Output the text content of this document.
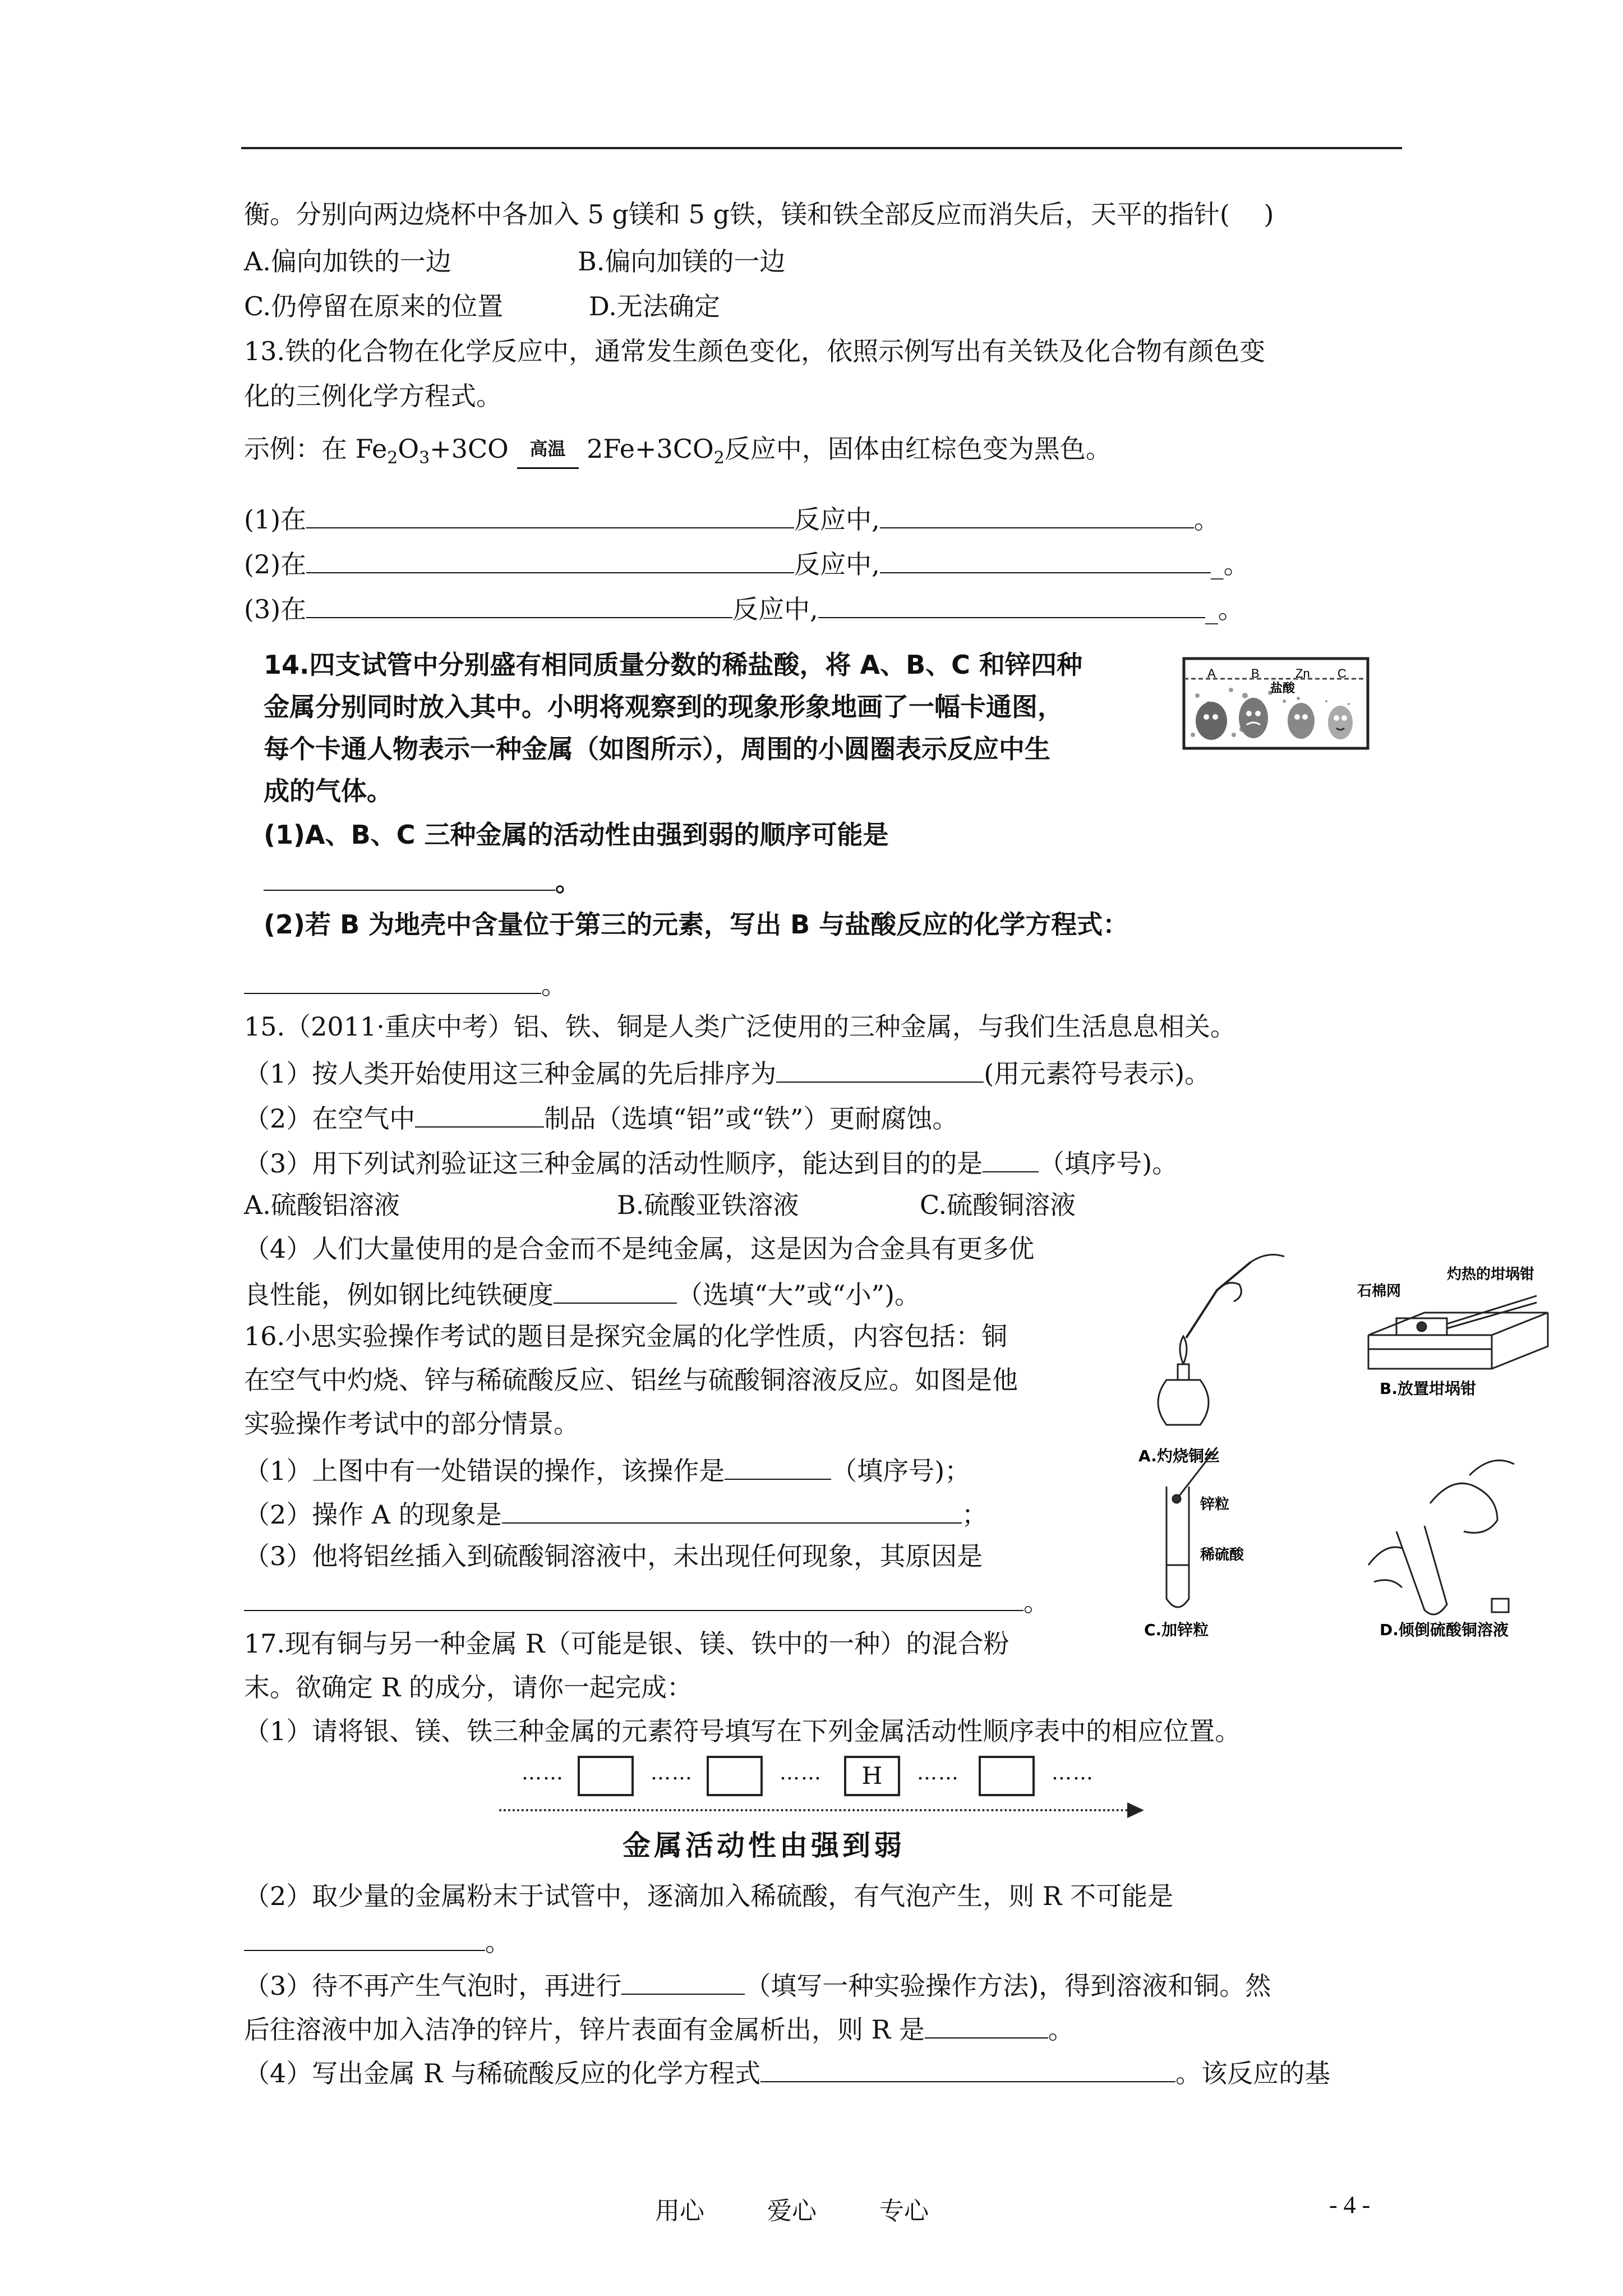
衡。分别向两边烧杯中各加入 5 g镁和 5 g铁，镁和铁全部反应而消失后，天平的指针(　 )
A.偏向加铁的一边	B.偏向加镁的一边
C.仍停留在原来的位置	D.无法确定
13.铁的化合物在化学反应中，通常发生颜色变化，依照示例写出有关铁及化合物有颜色变
化的三例化学方程式。
示例：在 $Fe_2O_3+3CO$ 高温 $2Fe+3CO_2$反应中，固体由红棕色变为黑色。
(1)在	反应中,	。
(2)在	反应中,	_。
(3)在	反应中,	_。
14.四支试管中分别盛有相同质量分数的稀盐酸，将 A、B、C 和锌四种
金属分别同时放入其中。小明将观察到的现象形象地画了一幅卡通图，
每个卡通人物表示一种金属（如图所示），周围的小圆圈表示反应中生
成的气体。
(1)A、B、C 三种金属的活动性由强到弱的顺序可能是
。
(2)若 B 为地壳中含量位于第三的元素，写出 B 与盐酸反应的化学方程式：
。
A	B
盐酸
Zn C
15.（2011·重庆中考）铝、铁、铜是人类广泛使用的三种金属，与我们生活息息相关。
（1）按人类开始使用这三种金属的先后排序为	(用元素符号表示)。
（2）在空气中	制品（选填“铝”或“铁”）更耐腐蚀。
（3）用下列试剂验证这三种金属的活动性顺序，能达到目的的是 （填序号)。
A.硫酸铝溶液	B.硫酸亚铁溶液	C.硫酸铜溶液
（4）人们大量使用的是合金而不是纯金属，这是因为合金具有更多优
良性能，例如钢比纯铁硬度	（选填“大”或“小”)。
16.小思实验操作考试的题目是探究金属的化学性质，内容包括：铜
在空气中灼烧、锌与稀硫酸反应、铝丝与硫酸铜溶液反应。如图是他
实验操作考试中的部分情景。
（1）上图中有一处错误的操作，该操作是	（填序号)；
（2）操作 A 的现象是	；
（3）他将铝丝插入到硫酸铜溶液中，未出现任何现象，其原因是
。
A.灼烧铜丝
石棉网
灼热的坩埚钳
B.放置坩埚钳
锌粒
稀硫酸
C.加锌粒	D.倾倒硫酸铜溶液
17.现有铜与另一种金属 R（可能是银、镁、铁中的一种）的混合粉
末。欲确定 R 的成分，请你一起完成：
（1）请将银、镁、铁三种金属的元素符号填写在下列金属活动性顺序表中的相应位置。
……	……	……	H	……	……
金属活动性由强到弱
（2）取少量的金属粉末于试管中，逐滴加入稀硫酸，有气泡产生，则 R 不可能是
。
（3）待不再产生气泡时，再进行	（填写一种实验操作方法)，得到溶液和铜。然
后往溶液中加入洁净的锌片，锌片表面有金属析出，则 R 是	。
（4）写出金属 R 与稀硫酸反应的化学方程式	。该反应的基
用心	爱心	专心	- 4 -
